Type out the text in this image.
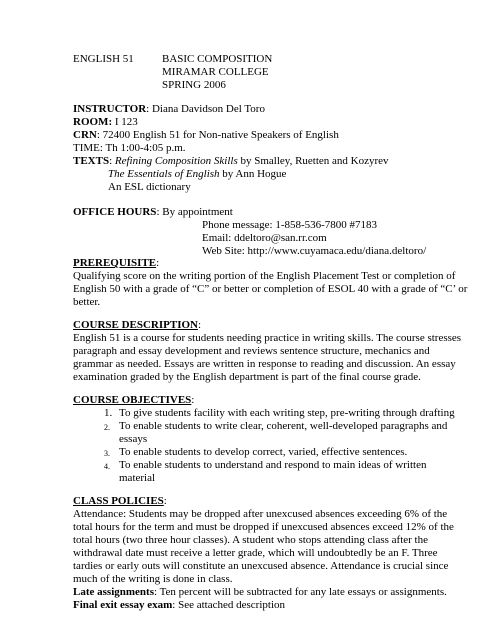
ENGLISH 51	BASIC COMPOSITION
MIRAMAR COLLEGE
SPRING 2006
INSTRUCTOR: Diana Davidson Del Toro
ROOM: I 123
CRN: 72400 English 51 for Non-native Speakers of English
TIME: Th 1:00-4:05 p.m.
TEXTS: Refining Composition Skills by Smalley, Ruetten and Kozyrev
The Essentials of English by Ann Hogue
An ESL dictionary
OFFICE HOURS: By appointment
Phone message: 1-858-536-7800 #7183
Email: ddeltoro@san.rr.com
Web Site: http://www.cuyamaca.edu/diana.deltoro/
PREREQUISITE:
Qualifying score on the writing portion of the English Placement Test or completion of
English 50 with a grade of “C” or better or completion of ESOL 40 with a grade of “C’ or
better.
COURSE DESCRIPTION:
English 51 is a course for students needing practice in writing skills. The course stresses
paragraph and essay development and reviews sentence structure, mechanics and
grammar as needed. Essays are written in response to reading and discussion. An essay
examination graded by the English department is part of the final course grade.
COURSE OBJECTIVES:
1. To give students facility with each writing step, pre-writing through drafting
2. To enable students to write clear, coherent, well-developed paragraphs and
essays
3. To enable students to develop correct, varied, effective sentences.
4. To enable students to understand and respond to main ideas of written
material
CLASS POLICIES:
Attendance: Students may be dropped after unexcused absences exceeding 6% of the
total hours for the term and must be dropped if unexcused absences exceed 12% of the
total hours (two three hour classes). A student who stops attending class after the
withdrawal date must receive a letter grade, which will undoubtedly be an F. Three
tardies or early outs will constitute an unexcused absence. Attendance is crucial since
much of the writing is done in class.
Late assignments: Ten percent will be subtracted for any late essays or assignments.
Final exit essay exam: See attached description
